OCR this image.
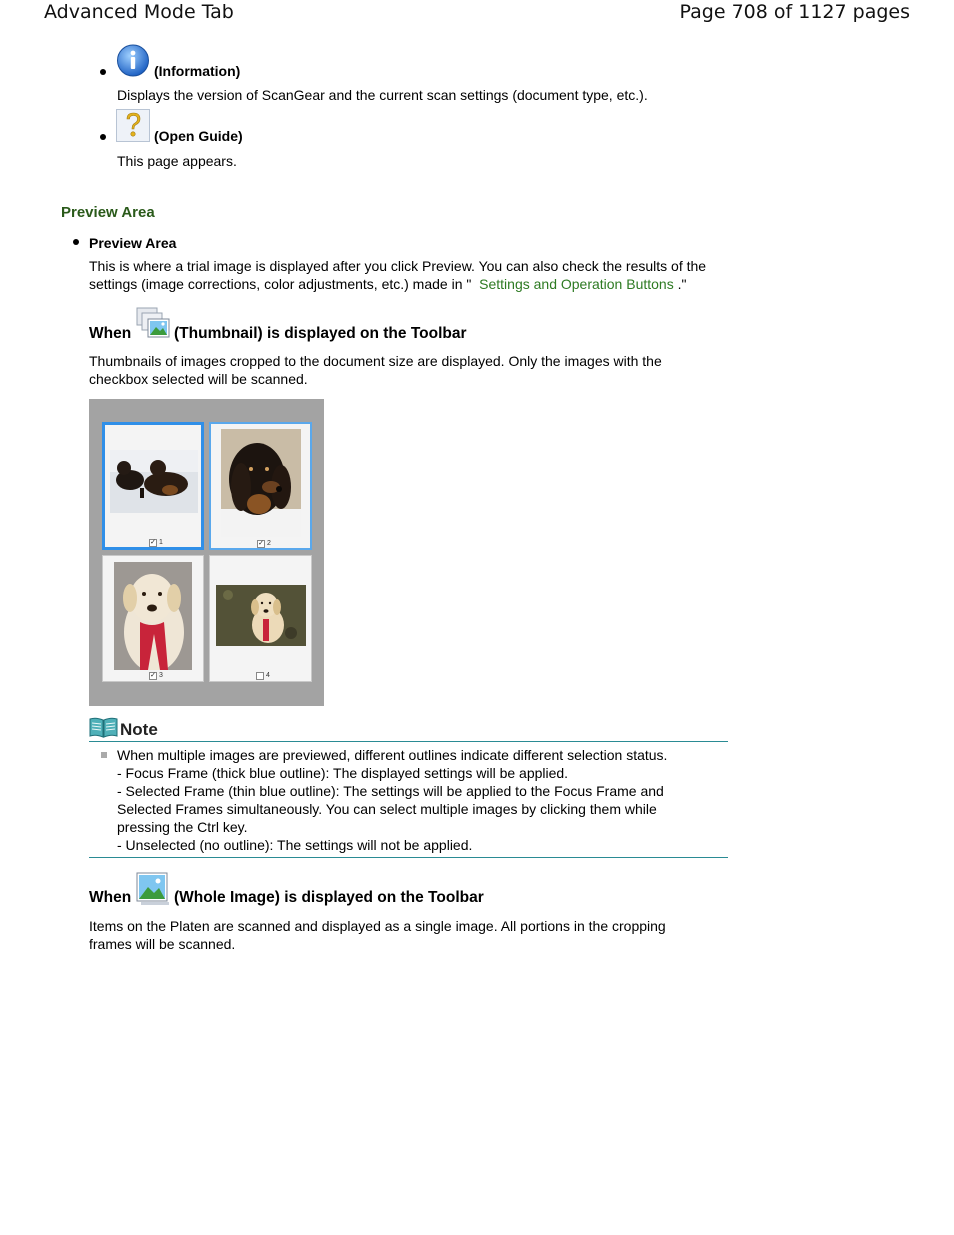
Advanced Mode Tab	Page 708 of 1127 pages
(Information)
Displays the version of ScanGear and the current scan settings (document type, etc.).
(Open Guide)
This page appears.
Preview Area
Preview Area
This is where a trial image is displayed after you click Preview. You can also check the results of the settings (image corrections, color adjustments, etc.) made in " Settings and Operation Buttons ."
When	(Thumbnail) is displayed on the Toolbar
Thumbnails of images cropped to the document size are displayed. Only the images with the checkbox selected will be scanned.
✓ 1	✓ 2
✓ 3	4
Note
When multiple images are previewed, different outlines indicate different selection status.
- Focus Frame (thick blue outline): The displayed settings will be applied.
- Selected Frame (thin blue outline): The settings will be applied to the Focus Frame and Selected Frames simultaneously. You can select multiple images by clicking them while pressing the Ctrl key.
- Unselected (no outline): The settings will not be applied.
When	(Whole Image) is displayed on the Toolbar
Items on the Platen are scanned and displayed as a single image. All portions in the cropping frames will be scanned.
